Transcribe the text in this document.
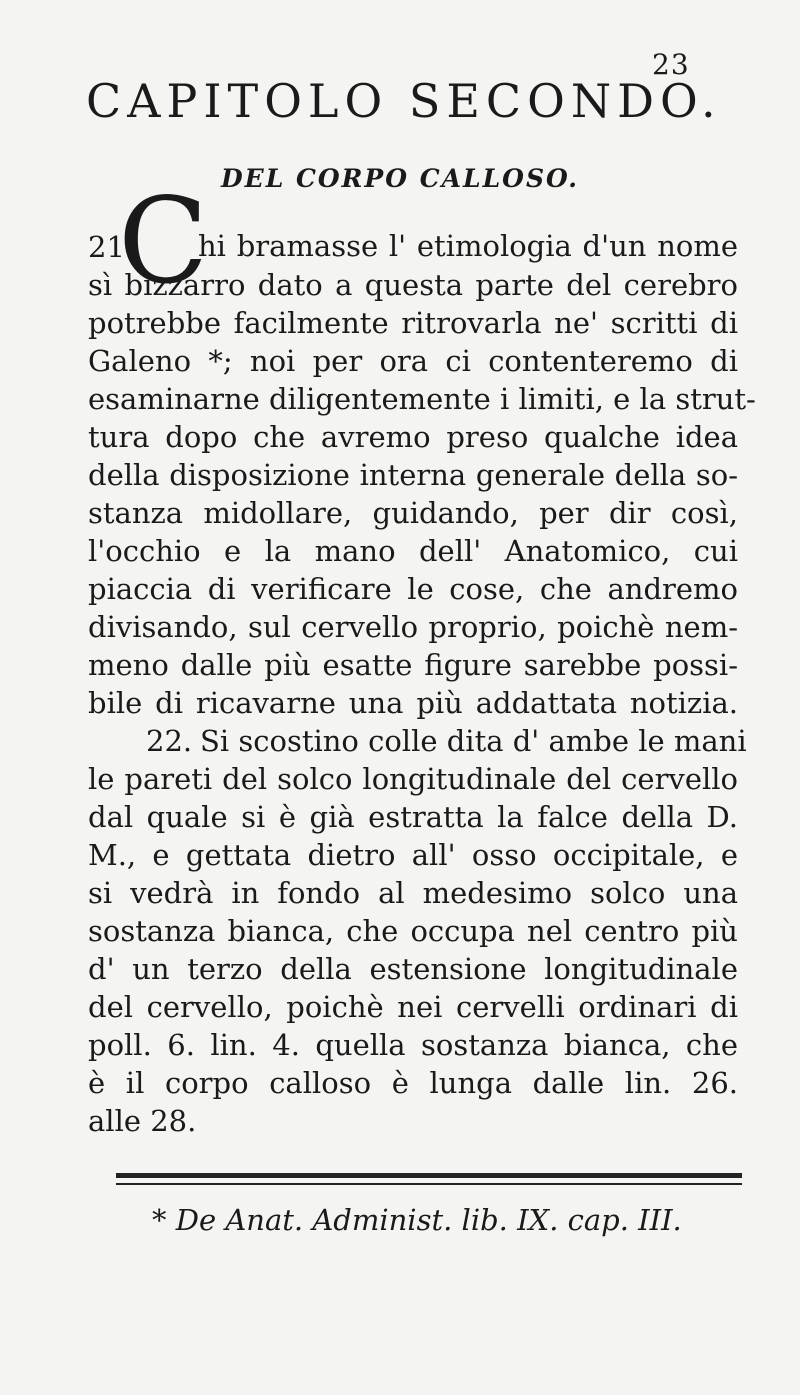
23
CAPITOLO SECONDO.
DEL CORPO CALLOSO.
C
21	hi bramasse l' etimologia d'un nome
sì bizzarro dato a questa parte del cerebro
potrebbe facilmente ritrovarla ne' scritti di
Galeno *; noi per ora ci contenteremo di
esaminarne diligentemente i limiti, e la strut-
tura dopo che avremo preso qualche idea
della disposizione interna generale della so-
stanza midollare, guidando, per dir così,
l'occhio e la mano dell' Anatomico, cui
piaccia di verificare le cose, che andremo
divisando, sul cervello proprio, poichè nem-
meno dalle più esatte figure sarebbe possi-
bile di ricavarne una più addattata notizia.
22. Si scostino colle dita d' ambe le mani
le pareti del solco longitudinale del cervello
dal quale si è già estratta la falce della D.
M., e gettata dietro all' osso occipitale, e
si vedrà in fondo al medesimo solco una
sostanza bianca, che occupa nel centro più
d' un terzo della estensione longitudinale
del cervello, poichè nei cervelli ordinari di
poll. 6. lin. 4. quella sostanza bianca, che
è il corpo calloso è lunga dalle lin. 26.
alle 28.
* De Anat. Administ. lib. IX. cap. III.
